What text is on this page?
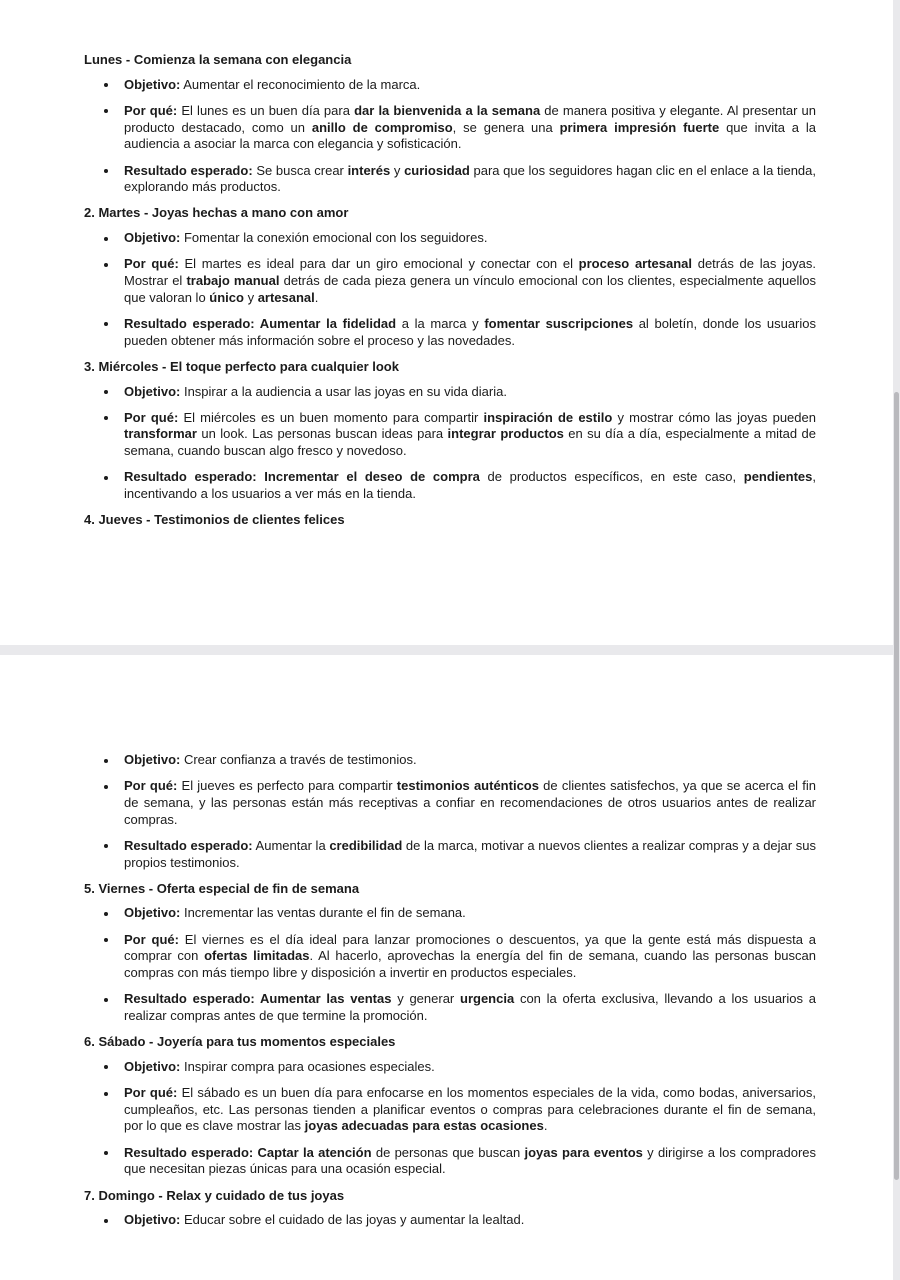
Lunes - Comienza la semana con elegancia

Objetivo: Aumentar el reconocimiento de la marca.
Por qué: El lunes es un buen día para dar la bienvenida a la semana de manera positiva y elegante. Al presentar un producto destacado, como un anillo de compromiso, se genera una primera impresión fuerte que invita a la audiencia a asociar la marca con elegancia y sofisticación.
Resultado esperado: Se busca crear interés y curiosidad para que los seguidores hagan clic en el enlace a la tienda, explorando más productos.

2. Martes - Joyas hechas a mano con amor

Objetivo: Fomentar la conexión emocional con los seguidores.
Por qué: El martes es ideal para dar un giro emocional y conectar con el proceso artesanal detrás de las joyas. Mostrar el trabajo manual detrás de cada pieza genera un vínculo emocional con los clientes, especialmente aquellos que valoran lo único y artesanal.
Resultado esperado: Aumentar la fidelidad a la marca y fomentar suscripciones al boletín, donde los usuarios pueden obtener más información sobre el proceso y las novedades.

3. Miércoles - El toque perfecto para cualquier look

Objetivo: Inspirar a la audiencia a usar las joyas en su vida diaria.
Por qué: El miércoles es un buen momento para compartir inspiración de estilo y mostrar cómo las joyas pueden transformar un look. Las personas buscan ideas para integrar productos en su día a día, especialmente a mitad de semana, cuando buscan algo fresco y novedoso.
Resultado esperado: Incrementar el deseo de compra de productos específicos, en este caso, pendientes, incentivando a los usuarios a ver más en la tienda.

4. Jueves - Testimonios de clientes felices

Objetivo: Crear confianza a través de testimonios.
Por qué: El jueves es perfecto para compartir testimonios auténticos de clientes satisfechos, ya que se acerca el fin de semana, y las personas están más receptivas a confiar en recomendaciones de otros usuarios antes de realizar compras.
Resultado esperado: Aumentar la credibilidad de la marca, motivar a nuevos clientes a realizar compras y a dejar sus propios testimonios.

5. Viernes - Oferta especial de fin de semana

Objetivo: Incrementar las ventas durante el fin de semana.
Por qué: El viernes es el día ideal para lanzar promociones o descuentos, ya que la gente está más dispuesta a comprar con ofertas limitadas. Al hacerlo, aprovechas la energía del fin de semana, cuando las personas buscan compras con más tiempo libre y disposición a invertir en productos especiales.
Resultado esperado: Aumentar las ventas y generar urgencia con la oferta exclusiva, llevando a los usuarios a realizar compras antes de que termine la promoción.

6. Sábado - Joyería para tus momentos especiales

Objetivo: Inspirar compra para ocasiones especiales.
Por qué: El sábado es un buen día para enfocarse en los momentos especiales de la vida, como bodas, aniversarios, cumpleaños, etc. Las personas tienden a planificar eventos o compras para celebraciones durante el fin de semana, por lo que es clave mostrar las joyas adecuadas para estas ocasiones.
Resultado esperado: Captar la atención de personas que buscan joyas para eventos y dirigirse a los compradores que necesitan piezas únicas para una ocasión especial.

7. Domingo - Relax y cuidado de tus joyas

Objetivo: Educar sobre el cuidado de las joyas y aumentar la lealtad.
